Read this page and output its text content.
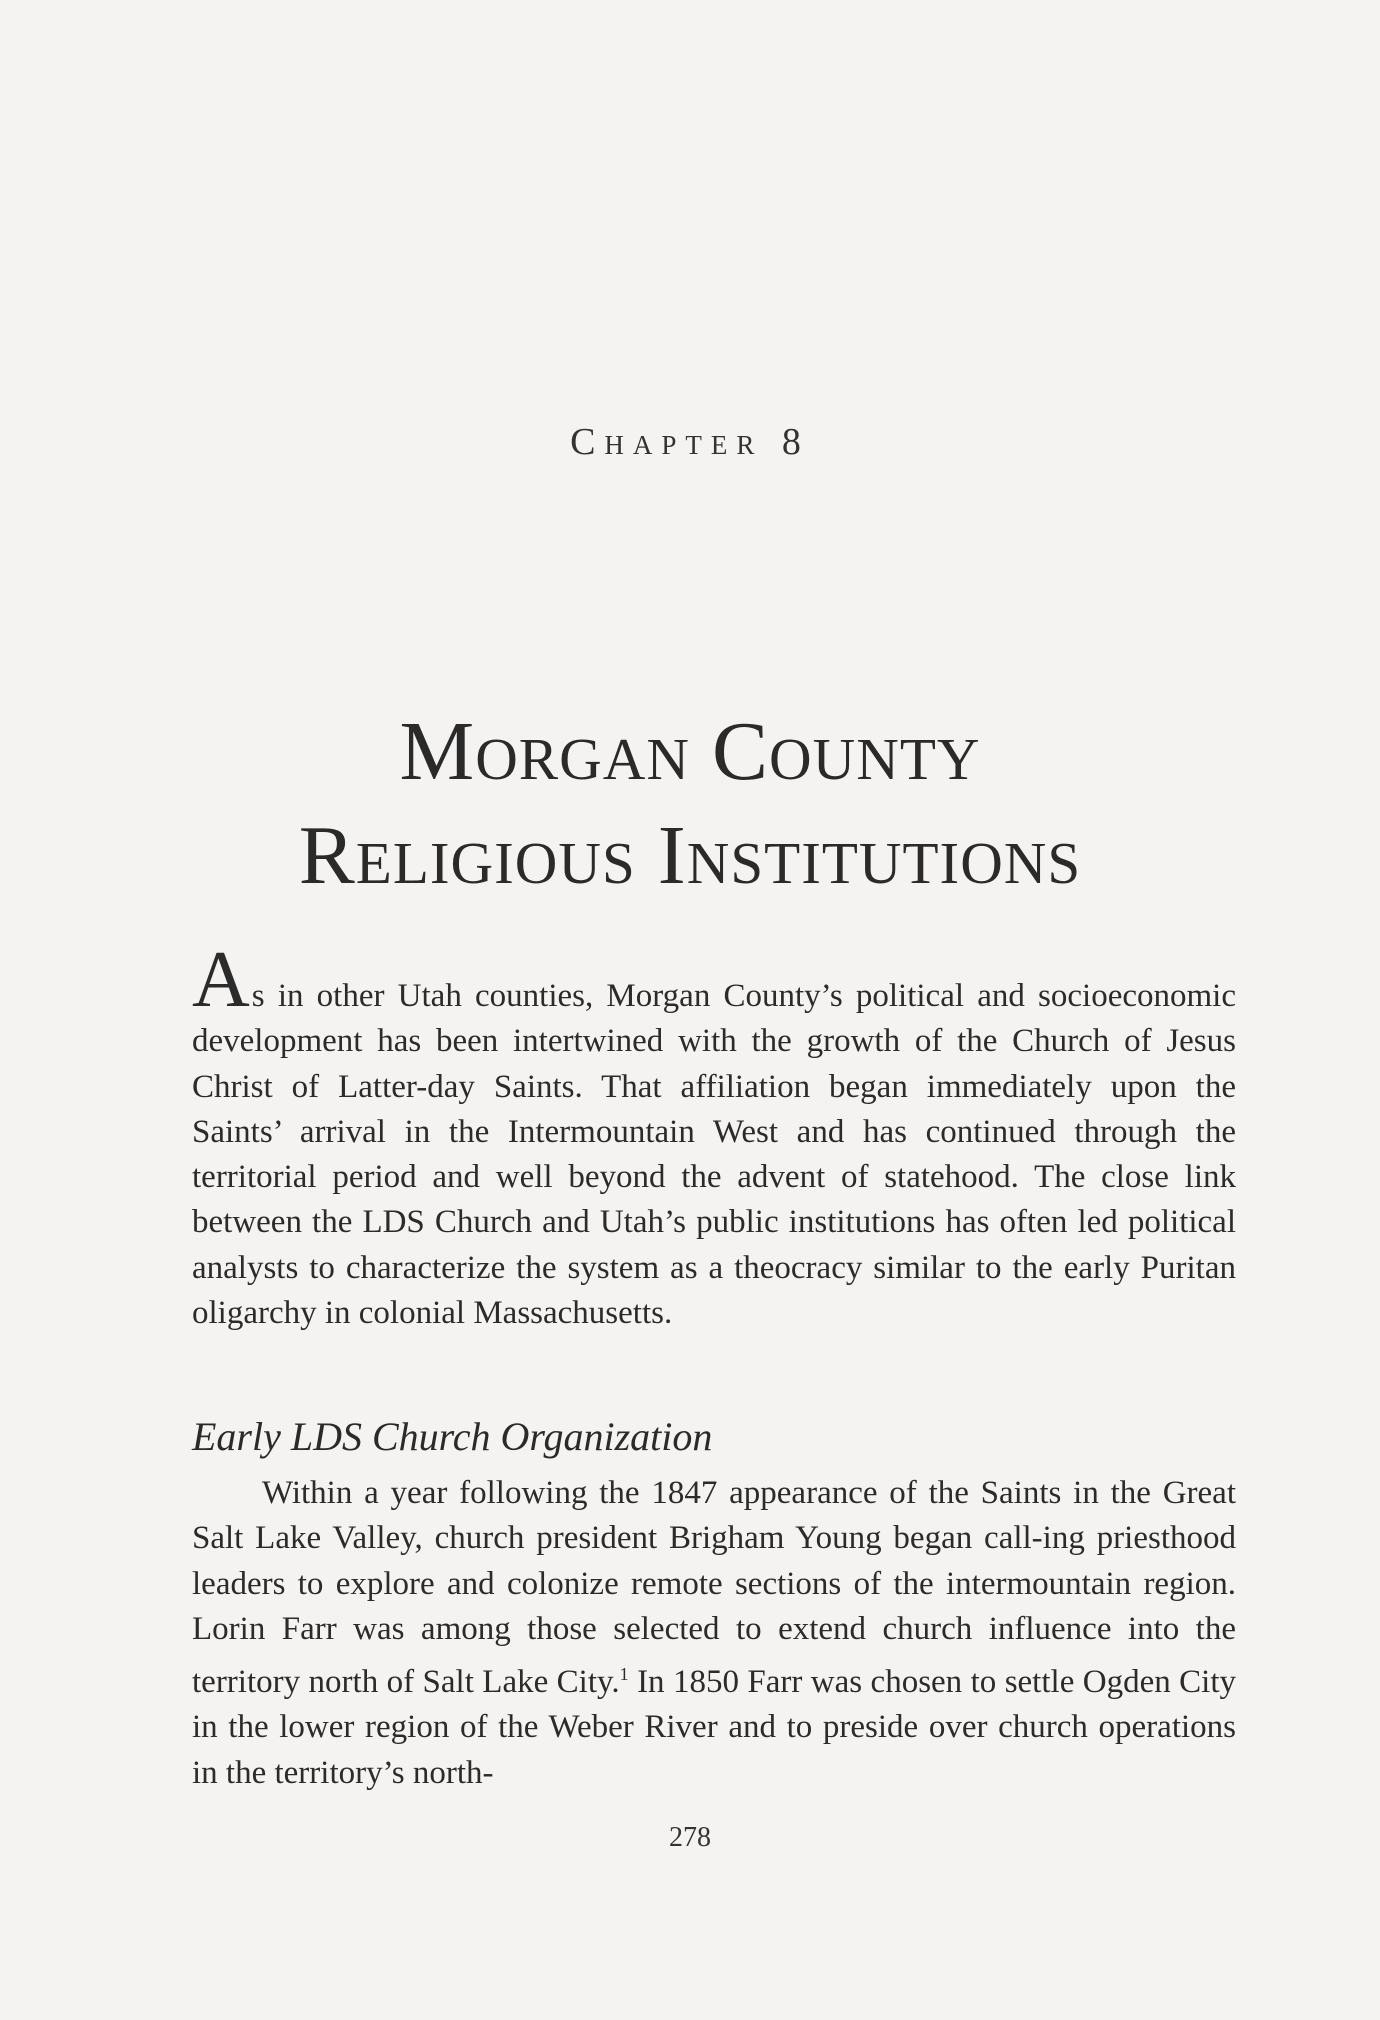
Chapter 8
Morgan County
Religious Institutions
As in other Utah counties, Morgan County’s political and socioeconomic development has been intertwined with the growth of the Church of Jesus Christ of Latter-day Saints. That affiliation began immediately upon the Saints’ arrival in the Intermountain West and has continued through the territorial period and well beyond the advent of statehood. The close link between the LDS Church and Utah’s public institutions has often led political analysts to characterize the system as a theocracy similar to the early Puritan oligarchy in colonial Massachusetts.
Early LDS Church Organization
Within a year following the 1847 appearance of the Saints in the Great Salt Lake Valley, church president Brigham Young began call-ing priesthood leaders to explore and colonize remote sections of the intermountain region. Lorin Farr was among those selected to extend church influence into the territory north of Salt Lake City.$^1$ In 1850 Farr was chosen to settle Ogden City in the lower region of the Weber River and to preside over church operations in the territory’s north-
278
